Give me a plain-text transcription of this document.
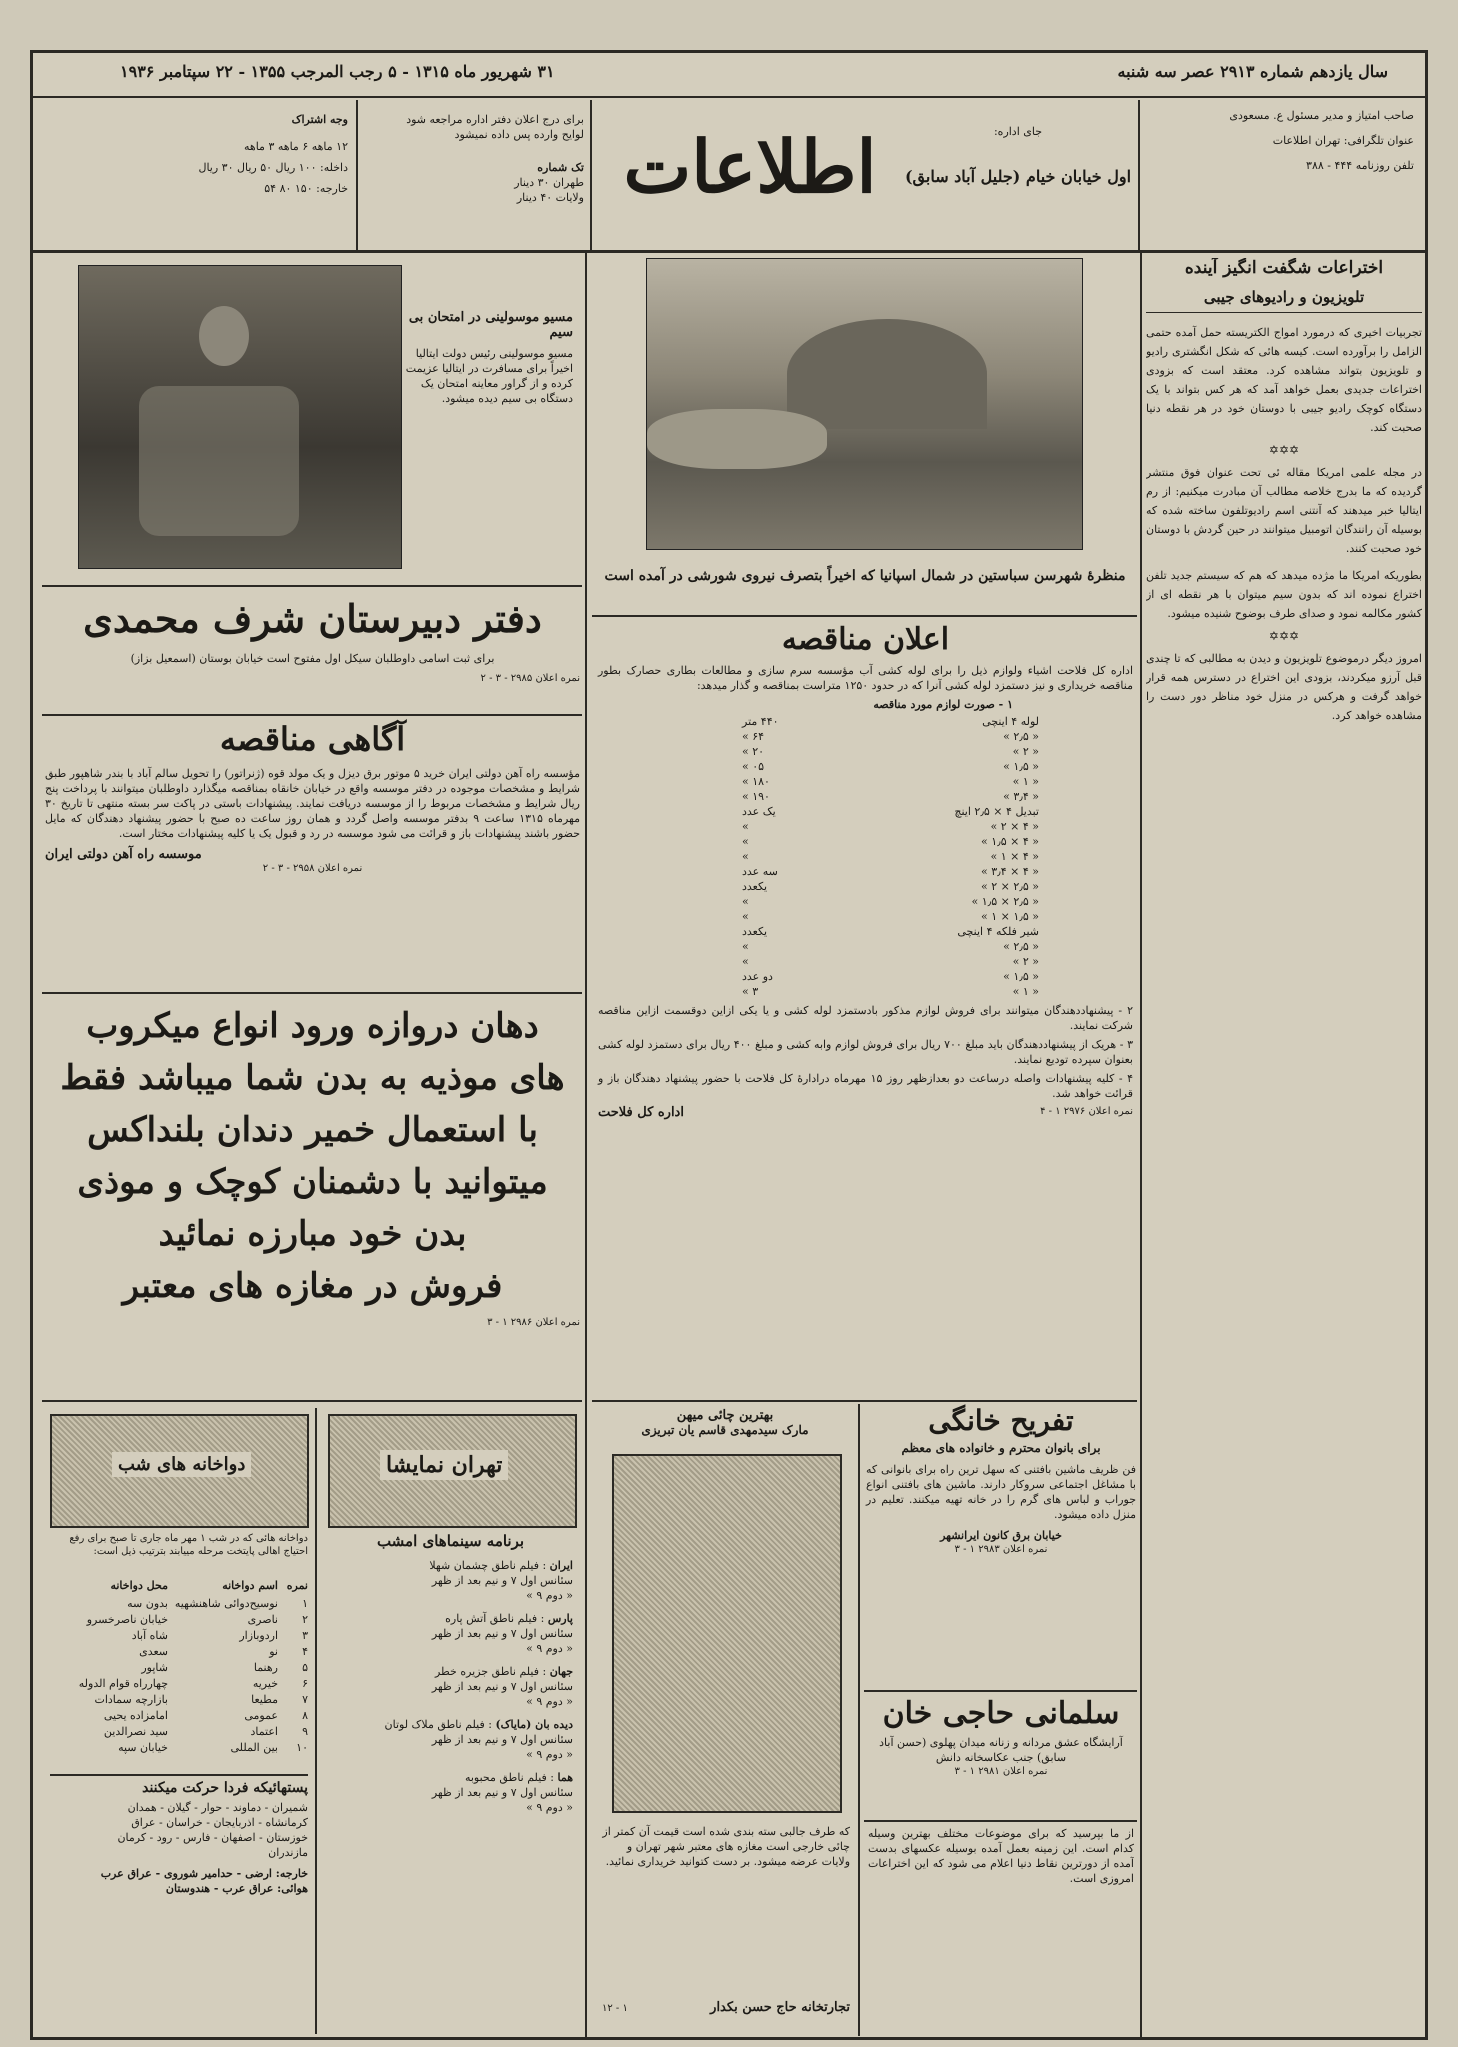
سال یازدهم شماره ۲۹۱۳ عصر سه شنبه
۳۱ شهریور ماه ۱۳۱۵ - ۵ رجب المرجب ۱۳۵۵ - ۲۲ سپتامبر ۱۹۳۶
صاحب امتیاز و مدیر مسئول ع. مسعودی
عنوان تلگرافی: تهران اطلاعات
تلفن روزنامه ۴۴۴ - ۳۸۸
جای اداره:
اول خیابان خیام (جلیل آباد سابق)
اطلاعات
برای درج اعلان دفتر اداره مراجعه شود
لوایح وارده پس داده نمیشود
تک شماره
طهران ۳۰ دینار
ولایات ۴۰ دینار
وجه اشتراک
۱۲ ماهه ۶ ماهه ۳ ماهه
داخله: ۱۰۰ ریال ۵۰ ریال ۳۰ ریال
خارجه: ۱۵۰ ۸۰ ۵۴
مسیو موسولینی در امتحان بی سیم
مسیو موسولینی رئیس دولت ایتالیا اخیراً برای مسافرت در ایتالیا عزیمت کرده و از گراور معاینه امتحان یک دستگاه بی سیم دیده میشود.
دفتر دبیرستان شرف محمدی
برای ثبت اسامی داوطلبان سیکل اول مفتوح است خیابان بوستان (اسمعیل بزاز)
نمره اعلان ۲۹۸۵ - ۳ - ۲
آگاهی مناقصه
مؤسسه راه آهن دولتی ایران خرید ۵ موتور برق دیزل و یک مولد قوه (ژنراتور) را تحویل سالم آباد با بندر شاهپور طبق شرایط و مشخصات موجوده در دفتر موسسه واقع در خیابان خانقاه بمناقصه میگذارد داوطلبان میتوانند با پرداخت پنج ریال شرایط و مشخصات مربوط را از موسسه دریافت نمایند. پیشنهادات باستی در پاکت سر بسته منتهی تا تاریخ ۳۰ مهرماه ۱۳۱۵ ساعت ۹ بدفتر موسسه واصل گردد و همان روز ساعت ده صبح با حضور پیشنهاد دهندگان که مایل حضور باشند پیشنهادات باز و قرائت می شود موسسه در رد و قبول یک یا کلیه پیشنهادات مختار است.
موسسه راه آهن دولتی ایران
نمره اعلان ۲۹۵۸ - ۳ - ۲
دهان دروازه ورود انواع میکروب
های موذیه به بدن شما میباشد فقط
با استعمال خمیر دندان بلنداکس
میتوانید با دشمنان کوچک و موذی
بدن خود مبارزه نمائید
فروش در مغازه های معتبر
نمره اعلان ۲۹۸۶ ۱ - ۳
دواخانه های شب
دواخانه هائی که در شب ۱ مهر ماه جاری تا صبح برای رفع احتیاج اهالی پایتخت مرحله مییابند بترتیب ذیل است:
نمره
اسم دواخانه
محل دواخانه
۱
نوسیح‌دوائی شاهنشهیه
بدون سه
۲
ناصری
خیابان ناصرخسرو
۳
اردوبازار
شاه آباد
۴
نو
سعدی
۵
رهنما
شاپور
۶
خیریه
چهارراه قوام الدوله
۷
مطیعا
بازارچه سمادات
۸
عمومی
امامزاده یحیی
۹
اعتماد
سید نصرالدین
۱۰
بین المللی
خیابان سپه
پستهائیکه فردا حرکت میکنند
شمیران - دماوند - حوار - گیلان - همدان
کرمانشاه - اذربایجان - خراسان - عراق
خوزستان - اصفهان - فارس - رود - کرمان
مازندران
خارجه: ارضی - حدامیر شوروی - عراق عرب
هوائی: عراق عرب - هندوستان
تهران نمایشا
برنامه سینماهای امشب
ایران : فیلم ناطق چشمان شهلا
سئانس اول ۷ و نیم بعد از ظهر
« دوم ۹ »
پارس : فیلم ناطق آتش پاره
سئانس اول ۷ و نیم بعد از ظهر
« دوم ۹ »
جهان : فیلم ناطق جزیره خطر
سئانس اول ۷ و نیم بعد از ظهر
« دوم ۹ »
دیده بان (مایاک) : فیلم ناطق ملاک لوتان
سئانس اول ۷ و نیم بعد از ظهر
« دوم ۹ »
هما : فیلم ناطق محبوبه
سئانس اول ۷ و نیم بعد از ظهر
« دوم ۹ »
منظرهٔ شهرسن سباستین در شمال اسپانیا که اخیراً بتصرف نیروی شورشی در آمده است
اعلان مناقصه
اداره کل فلاحت اشیاء ولوازم ذیل را برای لوله کشی آب مؤسسه سرم سازی و مطالعات بطاری حصارک بطور مناقصه خریداری و نیز دستمزد لوله کشی آنرا که در حدود ۱۲۵۰ متراست بمناقصه و گذار میدهد:
۱ - صورت لوازم مورد مناقصه
لوله ۴ اینچی
۴۴۰ متر
« ۲٫۵ »
۶۴ »
« ۲ »
۲۰ »
« ۱٫۵ »
۰۵ »
« ۱ »
۱۸۰ »
« ۳٫۴ »
۱۹۰ »
تبدیل ۴ × ۲٫۵ اینچ
یک عدد
« ۴ × ۲ »
»
« ۴ × ۱٫۵ »
»
« ۴ × ۱ »
»
« ۴ × ۳٫۴ »
سه عدد
« ۲٫۵ × ۲ »
یکعدد
« ۲٫۵ × ۱٫۵ »
»
« ۱٫۵ × ۱ »
»
شیر فلکه ۴ اینچی
یکعدد
« ۲٫۵ »
»
« ۲ »
»
« ۱٫۵ »
دو عدد
« ۱ »
۳ »
۲ - پیشنهاددهندگان میتوانند برای فروش لوازم مذکور بادستمزد لوله کشی و یا یکی ازاین دوقسمت ازاین مناقصه شرکت نمایند.
۳ - هریک از پیشنهاددهندگان باید مبلغ ۷۰۰ ریال برای فروش لوازم وابه کشی و مبلغ ۴۰۰ ریال برای دستمزد لوله کشی بعنوان سپرده تودیع نمایند.
۴ - کلیه پیشنهادات واصله درساعت دو بعدازظهر روز ۱۵ مهرماه درادارهٔ کل فلاحت با حضور پیشنهاد دهندگان باز و قرائت خواهد شد.
نمره اعلان ۲۹۷۶ ۱ - ۴
اداره کل فلاحت
بهترین چائی میهن
مارک سیدمهدی قاسم یان تبریزی
که طرف جالبی سته بندی شده است قیمت آن کمتر از چائی خارجی است مغازه های معتبر شهر تهران و ولایات عرضه میشود. بر دست کتوانید خریداری نمائید.
تجارتخانه حاج حسن بکدار
۱۲ - ۱
تفریح خانگی
برای بانوان محترم و خانواده های معظم
فن ظریف ماشین بافتنی که سهل ترین راه برای بانوانی که با مشاغل اجتماعی سروکار دارند. ماشین های بافتنی انواع جوراب و لباس های گرم را در خانه تهیه میکنند. تعلیم در منزل داده میشود.
خیابان برق کانون ایرانشهر
نمره اعلان ۲۹۸۳ ۱ - ۳
سلمانی حاجی خان
آرایشگاه عشق مردانه و زنانه میدان پهلوی (حسن آباد سابق) جنب عکاسخانه دانش
نمره اعلان ۲۹۸۱ ۱ - ۳
از ما بپرسید که برای موضوعات مختلف بهترین وسیله کدام است. این زمینه بعمل آمده بوسیله عکسهای بدست آمده از دورترین نقاط دنیا اعلام می شود که این اختراعات امروزی است.
اختراعات شگفت انگیز آینده
تلویزیون و رادیوهای جیبی
تجربیات اخیری که درمورد امواج الکتریسته حمل آمده حتمی الزامل را برآورده است. کیسه هائی که شکل انگشتری رادیو و تلویزیون بتواند مشاهده کرد. معتقد است که بزودی اختراعات جدیدی بعمل خواهد آمد که هر کس بتواند با یک دستگاه کوچک رادیو جیبی با دوستان خود در هر نقطه دنیا صحبت کند.
✡✡✡
در مجله علمی امریکا مقاله ئی تحت عنوان فوق منتشر گردیده که ما بدرج خلاصه مطالب آن مبادرت میکنیم: از رم ایتالیا خبر میدهند که آنتنی اسم رادیوتلفون ساخته شده که بوسیله آن رانندگان اتومبیل میتوانند در حین گردش با دوستان خود صحبت کنند.
بطوریکه امریکا ما مژده میدهد که هم که سیستم جدید تلفن اختراع نموده اند که بدون سیم میتوان با هر نقطه ای از کشور مکالمه نمود و صدای طرف بوضوح شنیده میشود.
✡✡✡
امروز دیگر درموضوع تلویزیون و دیدن به مطالبی که تا چندی قبل آرزو میکردند، بزودی این اختراع در دسترس همه قرار خواهد گرفت و هرکس در منزل خود مناظر دور دست را مشاهده خواهد کرد.
